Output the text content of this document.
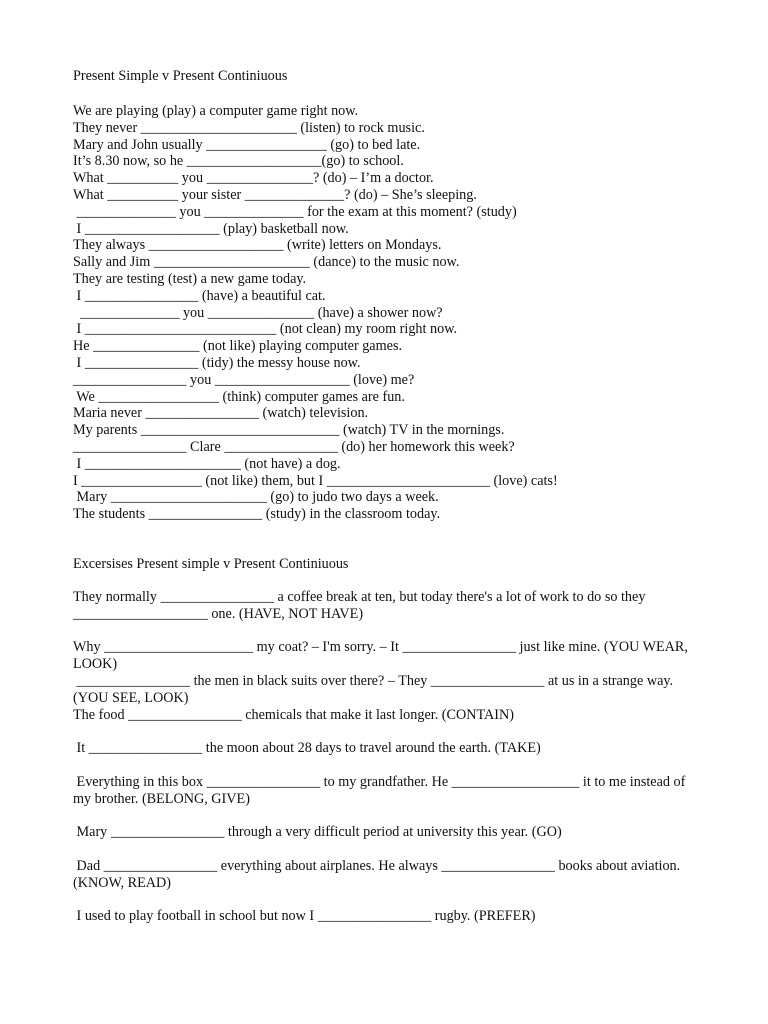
Present Simple v Present Continiuous
We are playing (play) a computer game right now.
They never ______________________ (listen) to rock music.
Mary and John usually _________________ (go) to bed late.
It’s 8.30 now, so he ___________________(go) to school.
What __________ you _______________? (do) – I’m a doctor.
What __________ your sister ______________? (do) – She’s sleeping.
______________ you ______________ for the exam at this moment? (study)
I ___________________ (play) basketball now.
They always ___________________ (write) letters on Mondays.
Sally and Jim ______________________ (dance) to the music now.
They are testing (test) a new game today.
I ________________ (have) a beautiful cat.
______________ you _______________ (have) a shower now?
I ___________________________ (not clean) my room right now.
He _______________ (not like) playing computer games.
I ________________ (tidy) the messy house now.
________________ you ___________________ (love) me?
We _________________ (think) computer games are fun.
Maria never ________________ (watch) television.
My parents ____________________________ (watch) TV in the mornings.
________________ Clare ________________ (do) her homework this week?
I ______________________ (not have) a dog.
I _________________ (not like) them, but I _______________________ (love) cats!
Mary ______________________ (go) to judo two days a week.
The students ________________ (study) in the classroom today.
Excersises Present simple v Present Continiuous
They normally ________________ a coffee break at ten, but today there's a lot of work to do so they ___________________ one. (HAVE, NOT HAVE)
Why _____________________ my coat? – I'm sorry. – It ________________ just like mine. (YOU WEAR, LOOK)
________________ the men in black suits over there? – They ________________ at us in a strange way. (YOU SEE, LOOK)
The food ________________ chemicals that make it last longer. (CONTAIN)
It ________________ the moon about 28 days to travel around the earth. (TAKE)
Everything in this box ________________ to my grandfather. He __________________ it to me instead of my brother. (BELONG, GIVE)
Mary ________________ through a very difficult period at university this year. (GO)
Dad ________________ everything about airplanes. He always ________________ books about aviation. (KNOW, READ)
I used to play football in school but now I ________________ rugby. (PREFER)
